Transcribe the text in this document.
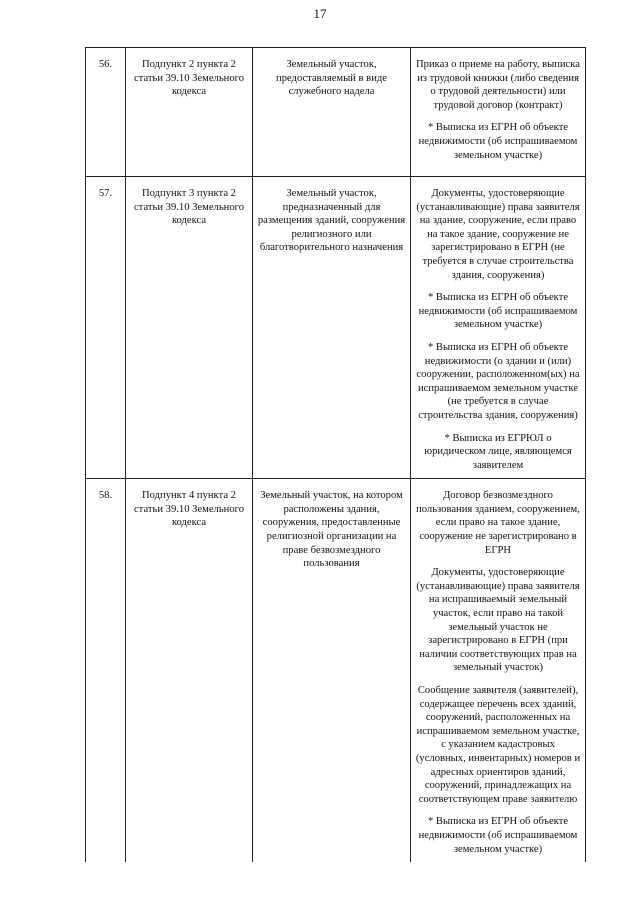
17
56.	Подпункт 2 пункта 2 статьи 39.10 Земельного кодекса	Земельный участок, предоставляемый в виде служебного надела	Приказ о приеме на работу, выписка из трудовой книжки (либо сведения о трудовой деятельности) или трудовой договор (контракт)

* Выписка из ЕГРН об объекте недвижимости (об испрашиваемом земельном участке)

57.	Подпункт 3 пункта 2 статьи 39.10 Земельного кодекса	Земельный участок, предназначенный для размещения зданий, сооружения религиозного или благотворительного назначения	Документы, удостоверяющие (устанавливающие) права заявителя на здание, сооружение, если право на такое здание, сооружение не зарегистрировано в ЕГРН (не требуется в случае строительства здания, сооружения)

* Выписка из ЕГРН об объекте недвижимости (об испрашиваемом земельном участке)

* Выписка из ЕГРН об объекте недвижимости (о здании и (или) сооружении, расположенном(ых) на испрашиваемом земельном участке (не требуется в случае строительства здания, сооружения)

* Выписка из ЕГРЮЛ о юридическом лице, являющемся заявителем

58.	Подпункт 4 пункта 2 статьи 39.10 Земельного кодекса	Земельный участок, на котором расположены здания, сооружения, предоставленные религиозной организации на праве безвозмездного пользования	Договор безвозмездного пользования зданием, сооружением, если право на такое здание, сооружение не зарегистрировано в ЕГРН

Документы, удостоверяющие (устанавливающие) права заявителя на испрашиваемый земельный участок, если право на такой земельный участок не зарегистрировано в ЕГРН (при наличии соответствующих прав на земельный участок)

Сообщение заявителя (заявителей), содержащее перечень всех зданий, сооружений, расположенных на испрашиваемом земельном участке, с указанием кадастровых (условных, инвентарных) номеров и адресных ориентиров зданий, сооружений, принадлежащих на соответствующем праве заявителю

* Выписка из ЕГРН об объекте недвижимости (об испрашиваемом земельном участке)
